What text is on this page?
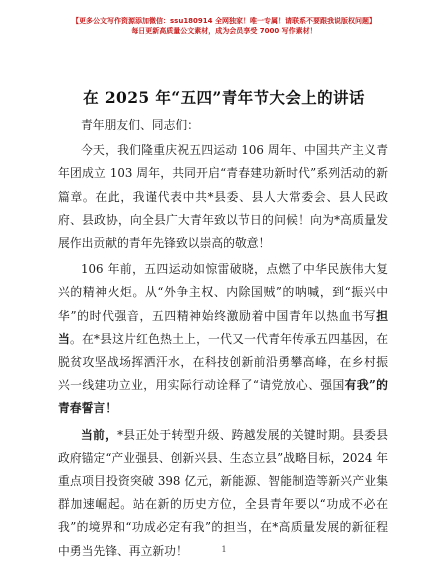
【更多公文写作资源添加微信：ssu180914 全网独家！唯一专属！请联系不要跟我说版权问题】
每日更新高质量公文素材，成为会员享受 7000 写作素材！
在 2025 年“五四”青年节大会上的讲话

青年朋友们、同志们：

今天，我们隆重庆祝五四运动 106 周年、中国共产主义青年团成立 103 周年，共同开启“青春建功新时代”系列活动的新篇章。在此，我谨代表中共*县委、县人大常委会、县人民政府、县政协，向全县广大青年致以节日的问候！向为*高质量发展作出贡献的青年先锋致以崇高的敬意！

106 年前，五四运动如惊雷破晓，点燃了中华民族伟大复兴的精神火炬。从“外争主权、内除国贼”的呐喊，到“振兴中华”的时代强音，五四精神始终激励着中国青年以热血书写担当。在*县这片红色热土上，一代又一代青年传承五四基因，在脱贫攻坚战场挥洒汗水，在科技创新前沿勇攀高峰，在乡村振兴一线建功立业，用实际行动诠释了“请党放心、强国有我”的青春誓言！

当前，*县正处于转型升级、跨越发展的关键时期。县委县政府锚定“产业强县、创新兴县、生态立县”战略目标，2024 年重点项目投资突破 398 亿元，新能源、智能制造等新兴产业集群加速崛起。站在新的历史方位，全县青年要以“功成不必在我”的境界和“功成必定有我”的担当，在*高质量发展的新征程中勇当先锋、再立新功！	1
